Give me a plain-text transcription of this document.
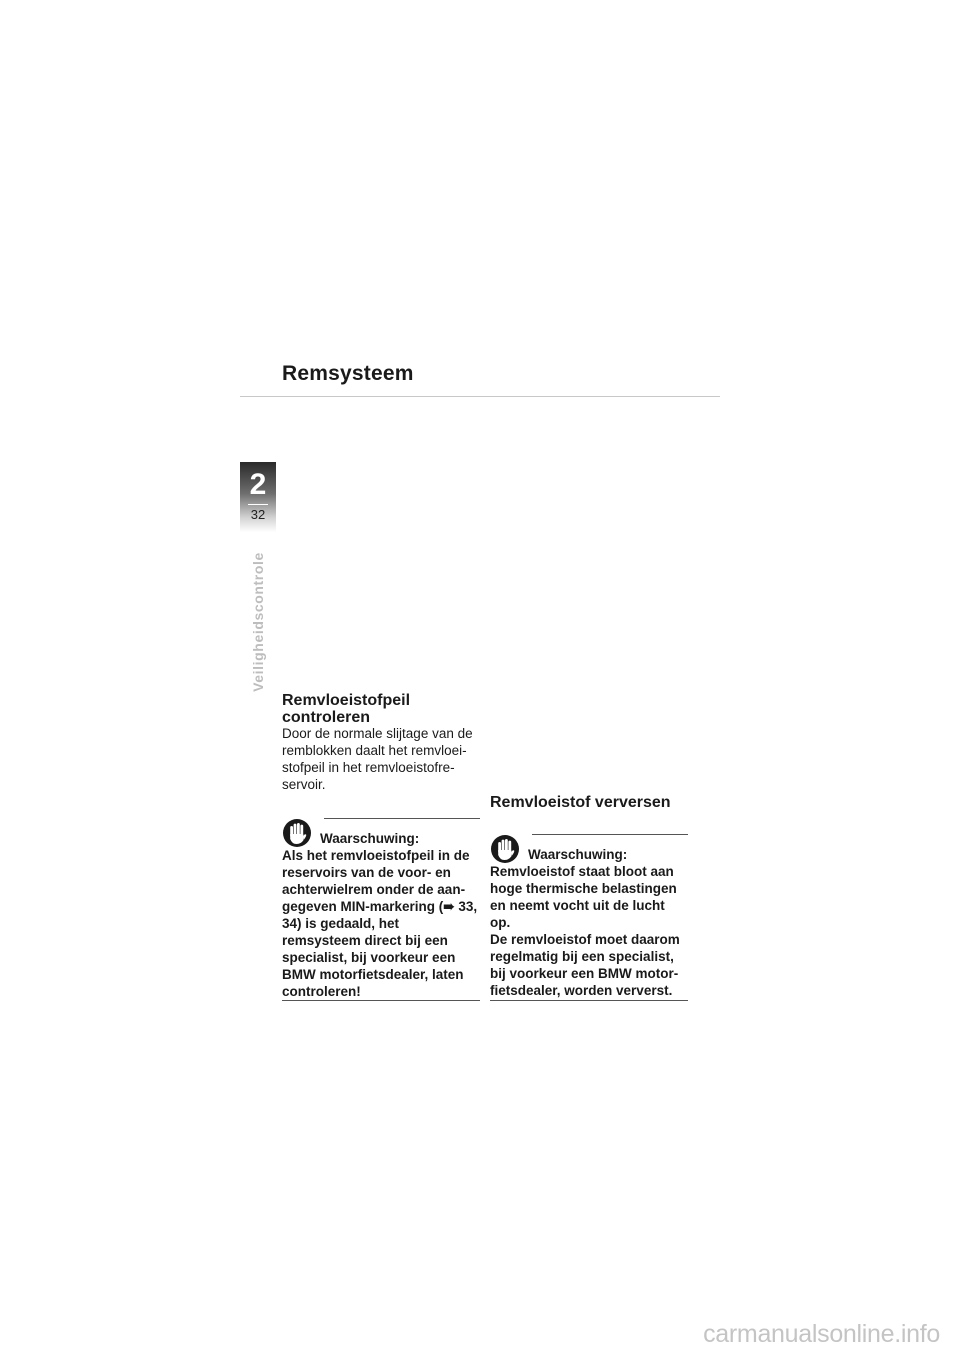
Remsysteem
2
32
Veiligheidscontrole
Remvloeistofpeil controleren
Door de normale slijtage van de remblokken daalt het remvloei-stofpeil in het remvloeistofre-servoir.
Waarschuwing:
Als het remvloeistofpeil in de reservoirs van de voor- en achterwielrem onder de aan-gegeven MIN-markering (➠ 33, 34) is gedaald, het remsysteem direct bij een specialist, bij voorkeur een BMW motorfietsdealer, laten controleren!
Remvloeistof verversen
Waarschuwing:
Remvloeistof staat bloot aan hoge thermische belastingen en neemt vocht uit de lucht op.
De remvloeistof moet daarom regelmatig bij een specialist, bij voorkeur een BMW motor-fietsdealer, worden ververst.
carmanualsonline.info
